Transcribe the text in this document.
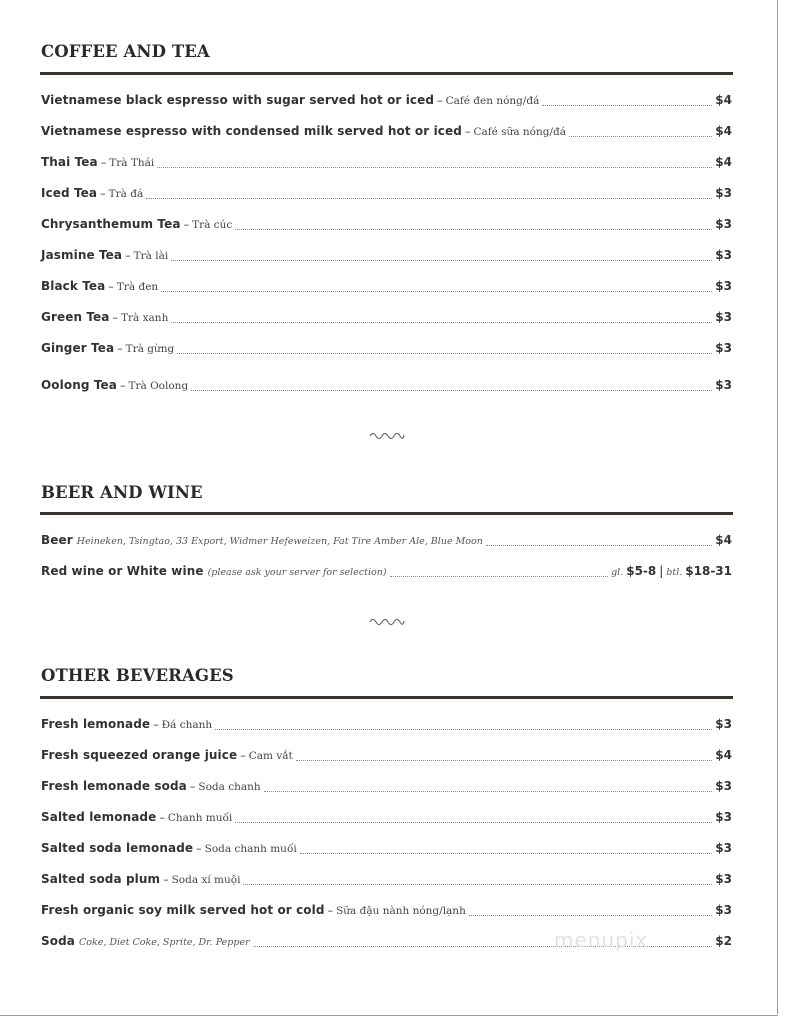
COFFEE AND TEA
Vietnamese black espresso with sugar served hot or iced – Café đen nóng/đá	$4
Vietnamese espresso with condensed milk served hot or iced – Café sữa nóng/đá	$4
Thai Tea – Trà Thái	$4
Iced Tea – Trà đá	$3
Chrysanthemum Tea – Trà cúc	$3
Jasmine Tea – Trà lài	$3
Black Tea – Trà đen	$3
Green Tea – Trà xanh	$3
Ginger Tea – Trà gừng	$3
Oolong Tea – Trà Oolong	$3
BEER AND WINE
Beer Heineken, Tsingtao, 33 Export, Widmer Hefeweizen, Fat Tire Amber Ale, Blue Moon	$4
Red wine or White wine (please ask your server for selection)	gl. $5-8 | btl. $18-31
OTHER BEVERAGES
Fresh lemonade – Đá chanh	$3
Fresh squeezed orange juice – Cam vắt	$4
Fresh lemonade soda – Soda chanh	$3
Salted lemonade – Chanh muối	$3
Salted soda lemonade – Soda chanh muối	$3
Salted soda plum – Soda xí muội	$3
Fresh organic soy milk served hot or cold – Sữa đậu nành nóng/lạnh	$3
Soda Coke, Diet Coke, Sprite, Dr. Pepper	$2
menupix
